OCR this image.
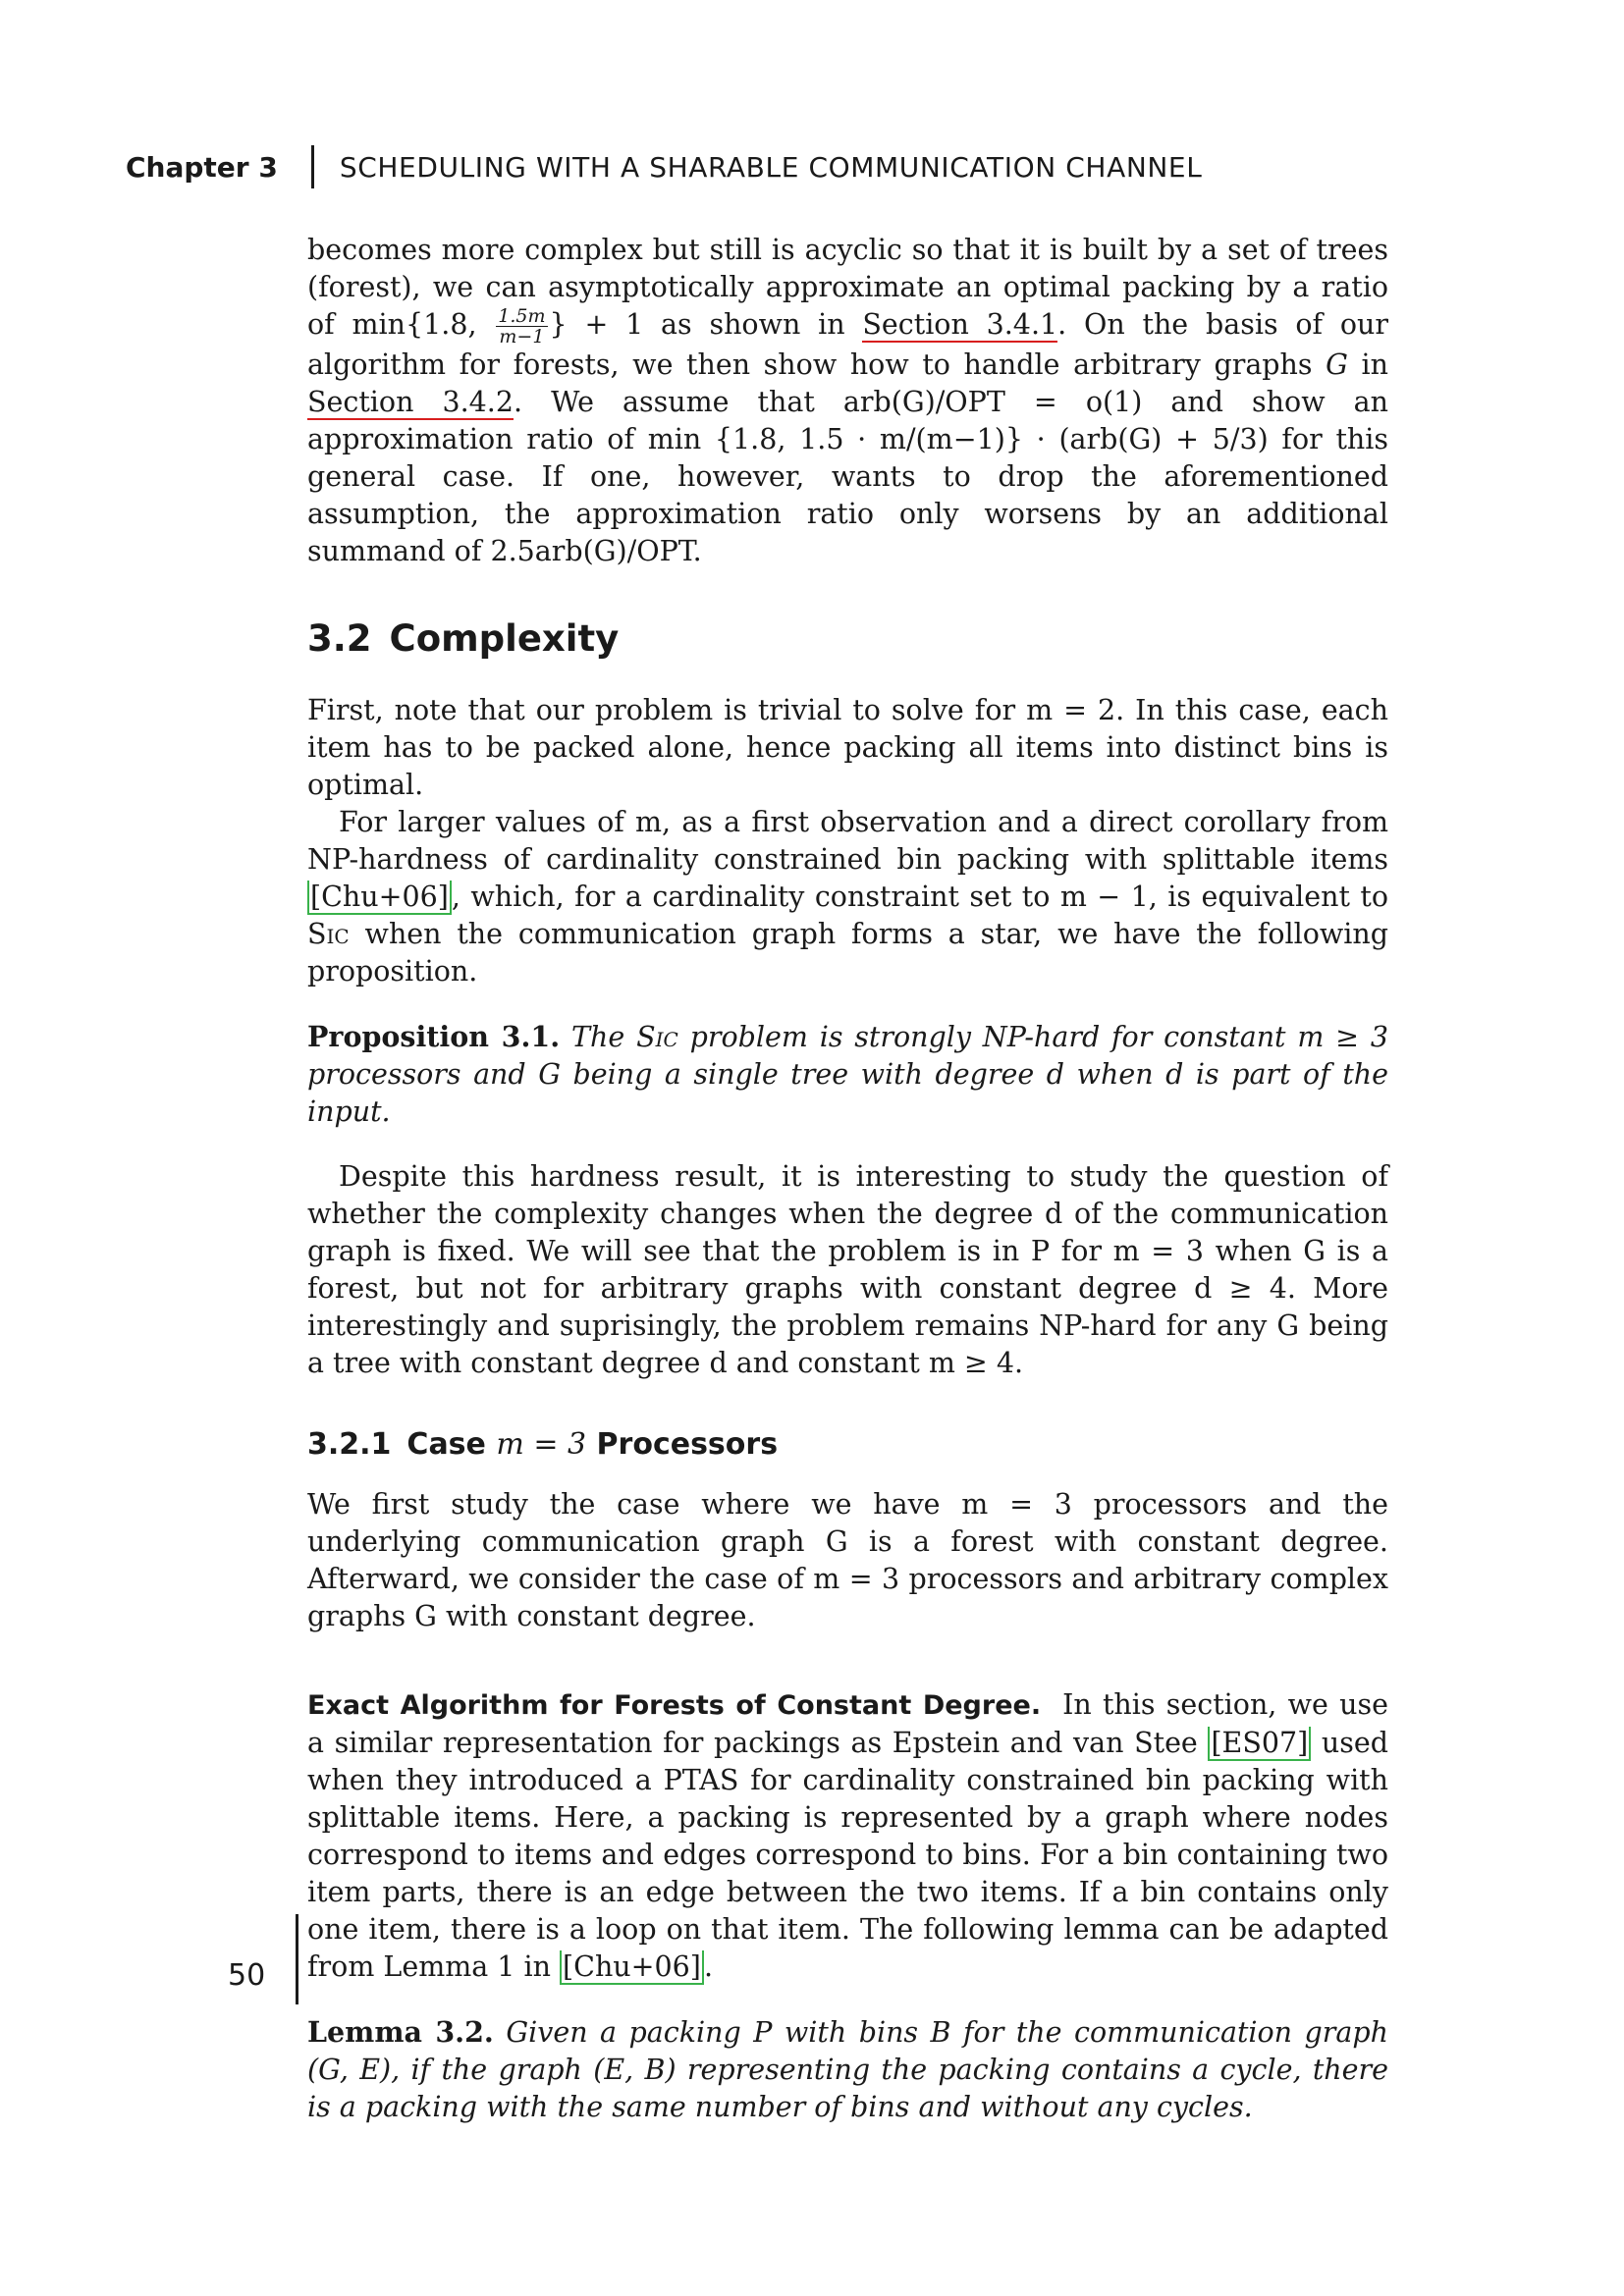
Chapter 3 SCHEDULING WITH A SHARABLE COMMUNICATION CHANNEL

becomes more complex but still is acyclic so that it is built by a set of trees (forest), we can asymptotically approximate an optimal packing by a ratio of min{1.8, $\frac{1.5m}{m-1}$ } + 1 as shown in Section 3.4.1. On the basis of our algorithm for forests, we then show how to handle arbitrary graphs G in Section 3.4.2. We assume that arb(G)/OPT = o(1) and show an approximation ratio of min {1.8, 1.5 · m/(m−1)} · (arb(G) + 5/3) for this general case. If one, however, wants to drop the aforementioned assumption, the approximation ratio only worsens by an additional summand of 2.5arb(G)/OPT.

3.2 Complexity

First, note that our problem is trivial to solve for m = 2. In this case, each item has to be packed alone, hence packing all items into distinct bins is optimal.

For larger values of m, as a first observation and a direct corollary from NP-hardness of cardinality constrained bin packing with splittable items [Chu+06] , which, for a cardinality constraint set to m − 1, is equivalent to Sic when the communication graph forms a star, we have the following proposition.

Proposition 3.1. The Sic problem is strongly NP-hard for constant m ≥ 3 processors and G being a single tree with degree d when d is part of the input.

Despite this hardness result, it is interesting to study the question of whether the complexity changes when the degree d of the communication graph is fixed. We will see that the problem is in P for m = 3 when G is a forest, but not for arbitrary graphs with constant degree d ≥ 4. More interestingly and suprisingly, the problem remains NP-hard for any G being a tree with constant degree d and constant m ≥ 4.

3.2.1 Case m = 3 Processors

We first study the case where we have m = 3 processors and the underlying communication graph G is a forest with constant degree. Afterward, we consider the case of m = 3 processors and arbitrary complex graphs G with constant degree.

Exact Algorithm for Forests of Constant Degree. In this section, we use a similar representation for packings as Epstein and van Stee [ES07] used when they introduced a PTAS for cardinality constrained bin packing with splittable items. Here, a packing is represented by a graph where nodes correspond to items and edges correspond to bins. For a bin containing two item parts, there is an edge between the two items. If a bin contains only one item, there is a loop on that item. The following lemma can be adapted from Lemma 1 in [Chu+06] .

Lemma 3.2. Given a packing P with bins B for the communication graph (G, E), if the graph (E, B) representing the packing contains a cycle, there is a packing with the same number of bins and without any cycles.

50
